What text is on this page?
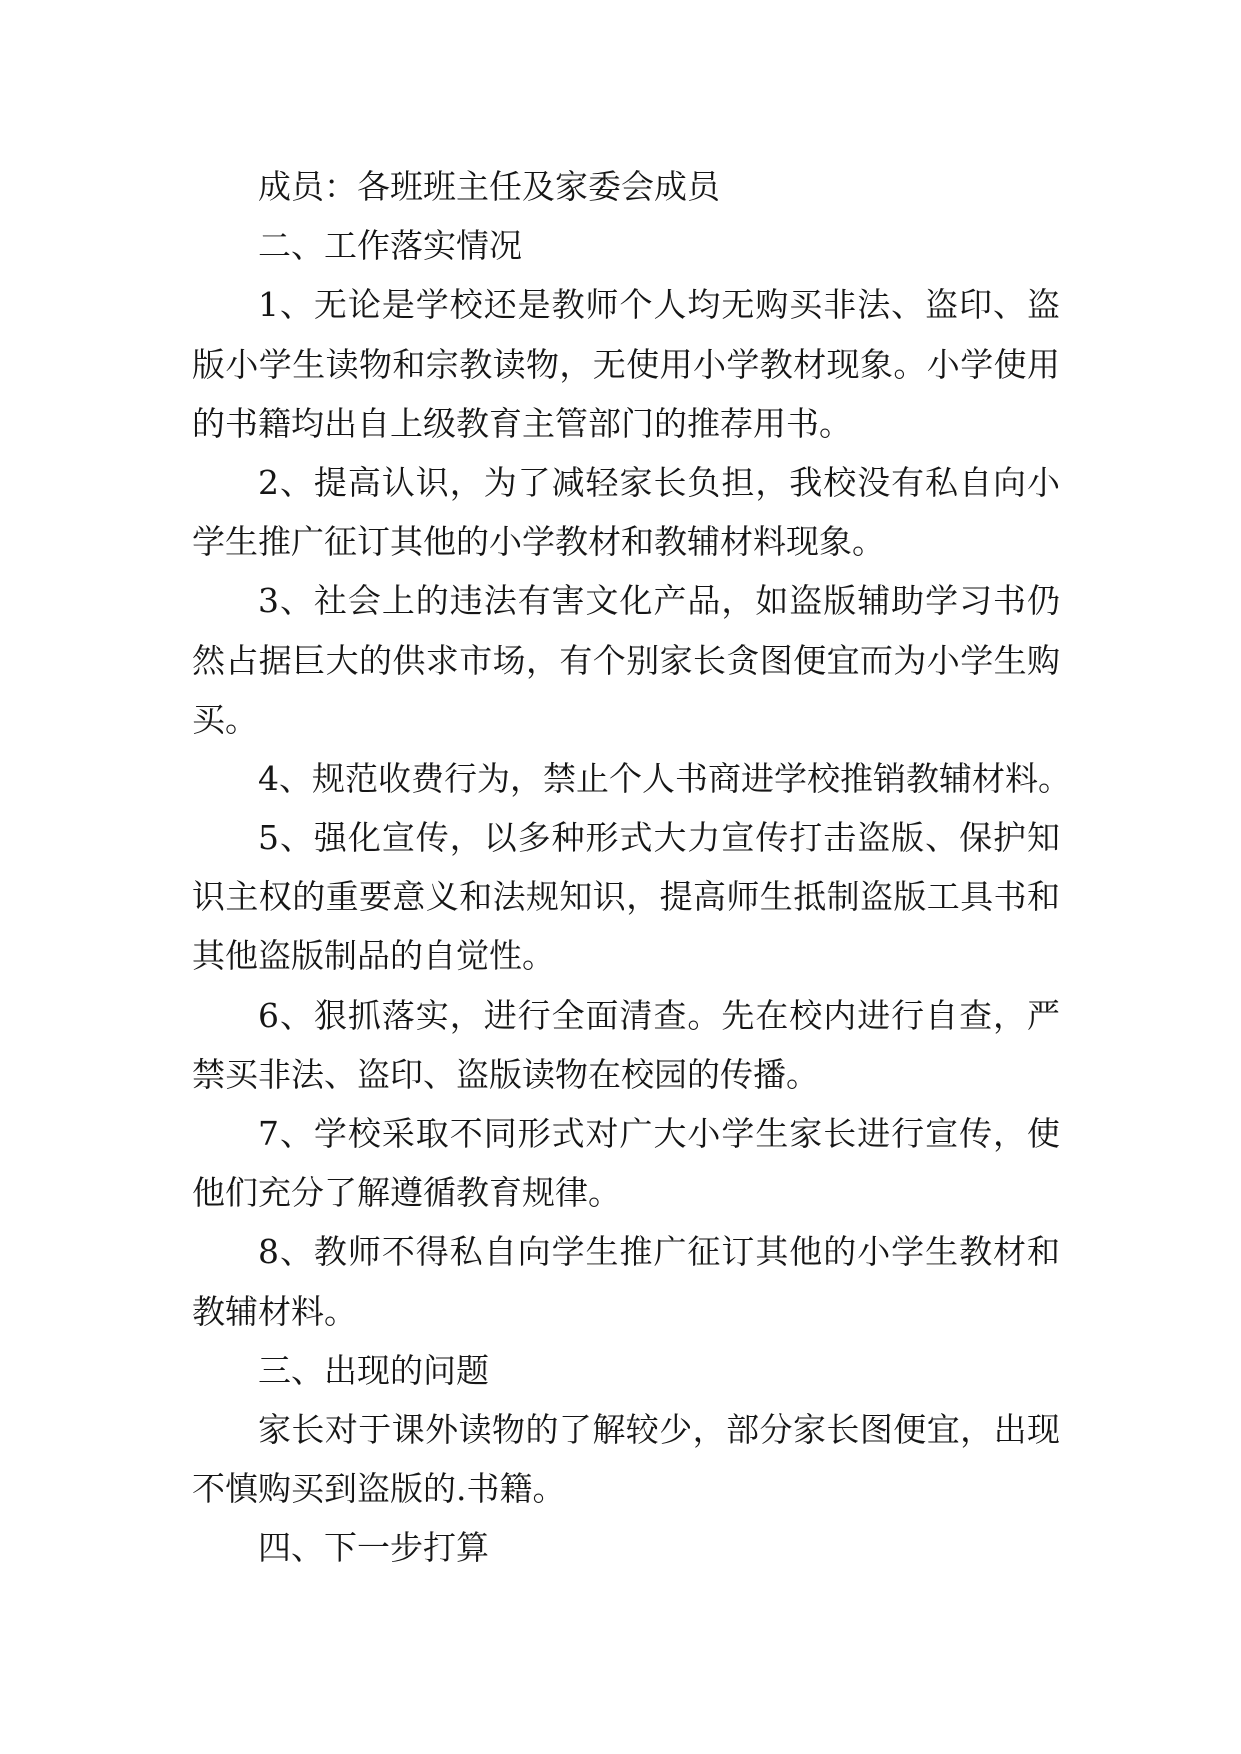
成员：各班班主任及家委会成员
二、工作落实情况
1、无论是学校还是教师个人均无购买非法、盗印、盗
版小学生读物和宗教读物，无使用小学教材现象。小学使用
的书籍均出自上级教育主管部门的推荐用书。
2、提高认识，为了减轻家长负担，我校没有私自向小
学生推广征订其他的小学教材和教辅材料现象。
3、社会上的违法有害文化产品，如盗版辅助学习书仍
然占据巨大的供求市场，有个别家长贪图便宜而为小学生购
买。
4、规范收费行为，禁止个人书商进学校推销教辅材料。
5、强化宣传，以多种形式大力宣传打击盗版、保护知
识主权的重要意义和法规知识，提高师生抵制盗版工具书和
其他盗版制品的自觉性。
6、狠抓落实，进行全面清查。先在校内进行自查，严
禁买非法、盗印、盗版读物在校园的传播。
7、学校采取不同形式对广大小学生家长进行宣传，使
他们充分了解遵循教育规律。
8、教师不得私自向学生推广征订其他的小学生教材和
教辅材料。
三、出现的问题
家长对于课外读物的了解较少，部分家长图便宜，出现
不慎购买到盗版的.书籍。
四、下一步打算
